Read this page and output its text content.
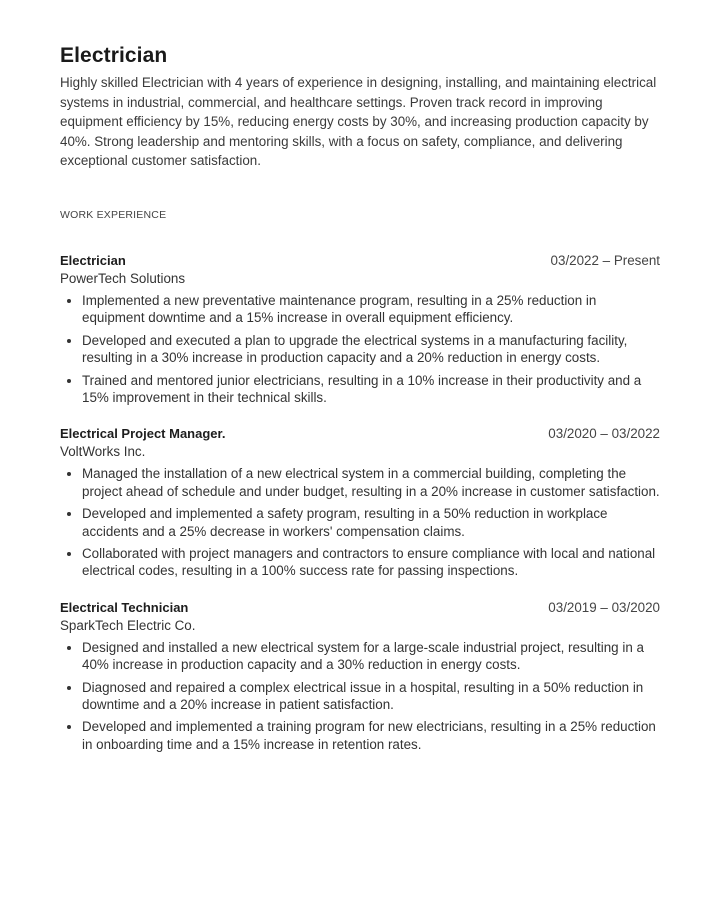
Electrician

Highly skilled Electrician with 4 years of experience in designing, installing, and maintaining electrical systems in industrial, commercial, and healthcare settings. Proven track record in improving equipment efficiency by 15%, reducing energy costs by 30%, and increasing production capacity by 40%. Strong leadership and mentoring skills, with a focus on safety, compliance, and delivering exceptional customer satisfaction.

WORK EXPERIENCE
Electrician	03/2022 – Present
PowerTech Solutions
Implemented a new preventative maintenance program, resulting in a 25% reduction in equipment downtime and a 15% increase in overall equipment efficiency.
Developed and executed a plan to upgrade the electrical systems in a manufacturing facility, resulting in a 30% increase in production capacity and a 20% reduction in energy costs.
Trained and mentored junior electricians, resulting in a 10% increase in their productivity and a 15% improvement in their technical skills.
Electrical Project Manager.	03/2020 – 03/2022
VoltWorks Inc.
Managed the installation of a new electrical system in a commercial building, completing the project ahead of schedule and under budget, resulting in a 20% increase in customer satisfaction.
Developed and implemented a safety program, resulting in a 50% reduction in workplace accidents and a 25% decrease in workers' compensation claims.
Collaborated with project managers and contractors to ensure compliance with local and national electrical codes, resulting in a 100% success rate for passing inspections.
Electrical Technician	03/2019 – 03/2020
SparkTech Electric Co.
Designed and installed a new electrical system for a large-scale industrial project, resulting in a 40% increase in production capacity and a 30% reduction in energy costs.
Diagnosed and repaired a complex electrical issue in a hospital, resulting in a 50% reduction in downtime and a 20% increase in patient satisfaction.
Developed and implemented a training program for new electricians, resulting in a 25% reduction in onboarding time and a 15% increase in retention rates.
